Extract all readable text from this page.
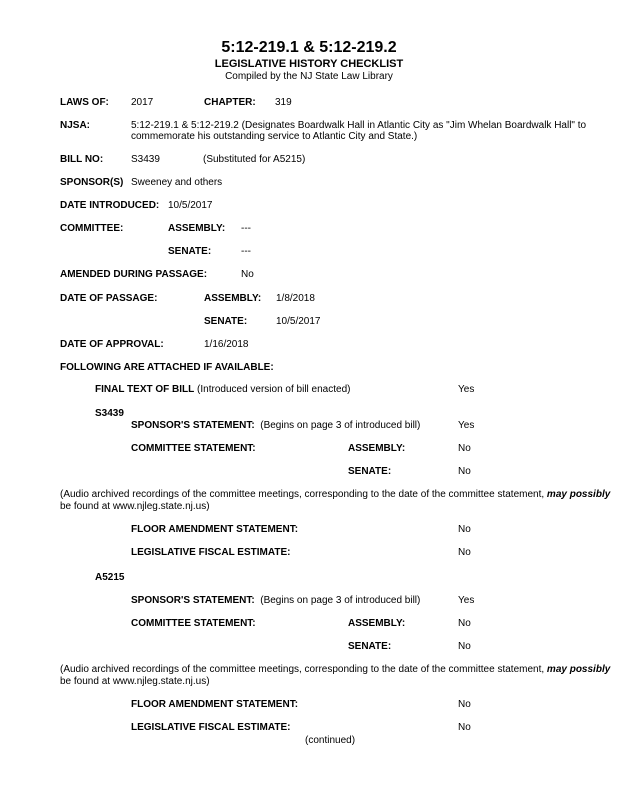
5:12-219.1 & 5:12-219.2
LEGISLATIVE HISTORY CHECKLIST
Compiled by the NJ State Law Library
LAWS OF: 2017	CHAPTER: 319
NJSA:	5:12-219.1 & 5:12-219.2 (Designates Boardwalk Hall in Atlantic City as "Jim Whelan Boardwalk Hall" to
commemorate his outstanding service to Atlantic City and State.)
BILL NO:	S3439	(Substituted for A5215)
SPONSOR(S) Sweeney and others
DATE INTRODUCED: 10/5/2017
COMMITTEE:	ASSEMBLY: ---
SENATE:	---
AMENDED DURING PASSAGE:	No
DATE OF PASSAGE:	ASSEMBLY: 1/8/2018
SENATE:	10/5/2017
DATE OF APPROVAL:	1/16/2018
FOLLOWING ARE ATTACHED IF AVAILABLE:
FINAL TEXT OF BILL (Introduced version of bill enacted)	Yes
S3439
SPONSOR'S STATEMENT: (Begins on page 3 of introduced bill)	Yes
COMMITTEE STATEMENT:	ASSEMBLY:	No
SENATE:	No
(Audio archived recordings of the committee meetings, corresponding to the date of the committee statement, may possibly
be found at www.njleg.state.nj.us)
FLOOR AMENDMENT STATEMENT:	No
LEGISLATIVE FISCAL ESTIMATE:	No
A5215
SPONSOR'S STATEMENT: (Begins on page 3 of introduced bill)	Yes
COMMITTEE STATEMENT:	ASSEMBLY:	No
SENATE:	No
(Audio archived recordings of the committee meetings, corresponding to the date of the committee statement, may possibly
be found at www.njleg.state.nj.us)
FLOOR AMENDMENT STATEMENT:	No
LEGISLATIVE FISCAL ESTIMATE:	No
(continued)
